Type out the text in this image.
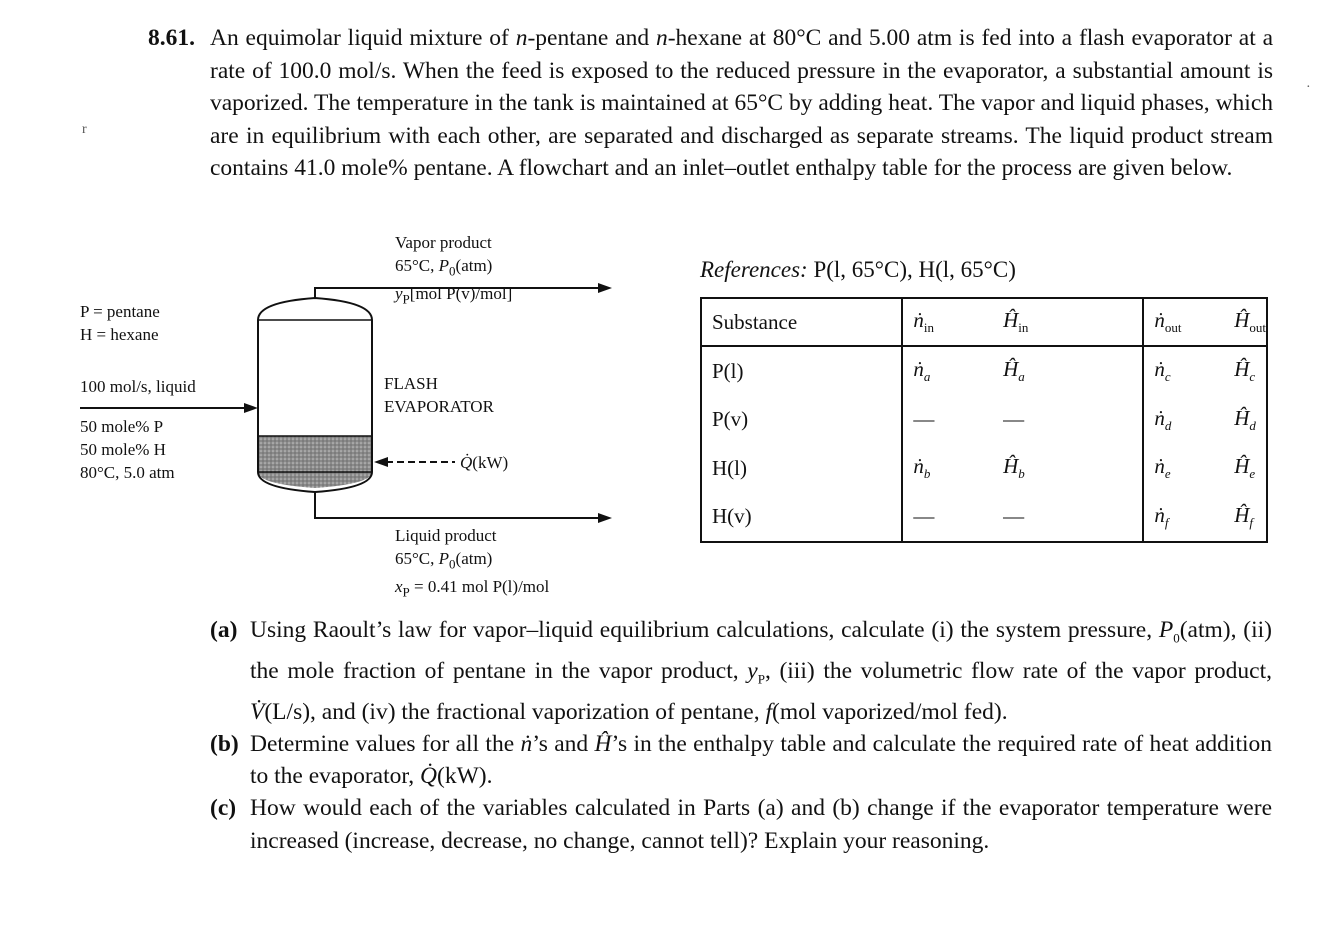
8.61. An equimolar liquid mixture of n-pentane and n-hexane at 80°C and 5.00 atm is fed into a flash evaporator at a rate of 100.0 mol/s. When the feed is exposed to the reduced pressure in the evaporator, a substantial amount is vaporized. The temperature in the tank is maintained at 65°C by adding heat. The vapor and liquid phases, which are in equilibrium with each other, are separated and discharged as separate streams. The liquid product stream contains 41.0 mole% pentane. A flowchart and an inlet–outlet enthalpy table for the process are given below.
r
·
P = pentane
H = hexane
100 mol/s, liquid
50 mole% P
50 mole% H
80°C, 5.0 atm
Vapor product
65°C, $P_0(atm)$
$y_P[mol$ P(v)/mol]
FLASH
EVAPORATOR
Q̇(kW)
Liquid product
65°C, $P_0(atm)$
$x_P = 0.41$ mol P(l)/mol
References: P(l, 65°C), H(l, 65°C)
Substance	ṅ$_{in}$	$Ĥ_{in}$	ṅ$_{out}$	$Ĥ_{out}$
P(l)	ṅ$_a$	$Ĥ_a$	ṅ$_c$	$Ĥ_c$
P(v)	—	—	ṅ$_d$	$Ĥ_d$
H(l)	ṅ$_b$	$Ĥ_b$	ṅ$_e$	$Ĥ_e$
H(v)	—	—	ṅ$_f$	$Ĥ_f$
(a) Using Raoult’s law for vapor–liquid equilibrium calculations, calculate (i) the system pressure, $P_0(atm)$, (ii) the mole fraction of pentane in the vapor product, $y_P$, (iii) the volumetric flow rate of the vapor product, V̇(L/s), and (iv) the fractional vaporization of pentane, f(mol vaporized/mol fed).
(b) Determine values for all the ṅ’s and Ĥ’s in the enthalpy table and calculate the required rate of heat addition to the evaporator, Q̇(kW).
(c) How would each of the variables calculated in Parts (a) and (b) change if the evaporator temperature were increased (increase, decrease, no change, cannot tell)? Explain your reasoning.
